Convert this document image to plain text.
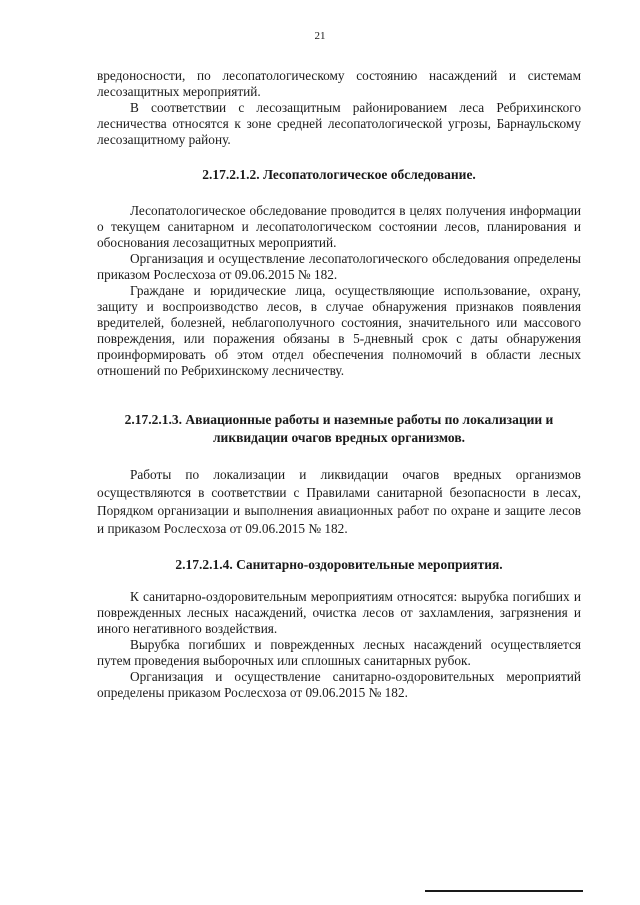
21

вредоносности, по лесопатологическому состоянию насаждений и системам лесозащитных мероприятий.

В соответствии с лесозащитным районированием леса Ребрихинского лесничества относятся к зоне средней лесопатологической угрозы, Барнаульскому лесозащитному району.

2.17.2.1.2. Лесопатологическое обследование.

Лесопатологическое обследование проводится в целях получения информации о текущем санитарном и лесопатологическом состоянии лесов, планирования и обоснования лесозащитных мероприятий.

Организация и осуществление лесопатологического обследования определены приказом Рослесхоза от 09.06.2015 № 182.

Граждане и юридические лица, осуществляющие использование, охрану, защиту и воспроизводство лесов, в случае обнаружения признаков появления вредителей, болезней, неблагополучного состояния, значительного или массового повреждения, или поражения обязаны в 5-дневный срок с даты обнаружения проинформировать об этом отдел обеспечения полномочий в области лесных отношений по Ребрихинскому лесничеству.

2.17.2.1.3. Авиационные работы и наземные работы по локализации и
ликвидации очагов вредных организмов.

Работы по локализации и ликвидации очагов вредных организмов осуществляются в соответствии с Правилами санитарной безопасности в лесах, Порядком организации и выполнения авиационных работ по охране и защите лесов и приказом Рослесхоза от 09.06.2015 № 182.

2.17.2.1.4. Санитарно-оздоровительные мероприятия.

К санитарно-оздоровительным мероприятиям относятся: вырубка погибших и поврежденных лесных насаждений, очистка лесов от захламления, загрязнения и иного негативного воздействия.

Вырубка погибших и поврежденных лесных насаждений осуществляется путем проведения выборочных или сплошных санитарных рубок.

Организация и осуществление санитарно-оздоровительных мероприятий определены приказом Рослесхоза от 09.06.2015 № 182.
